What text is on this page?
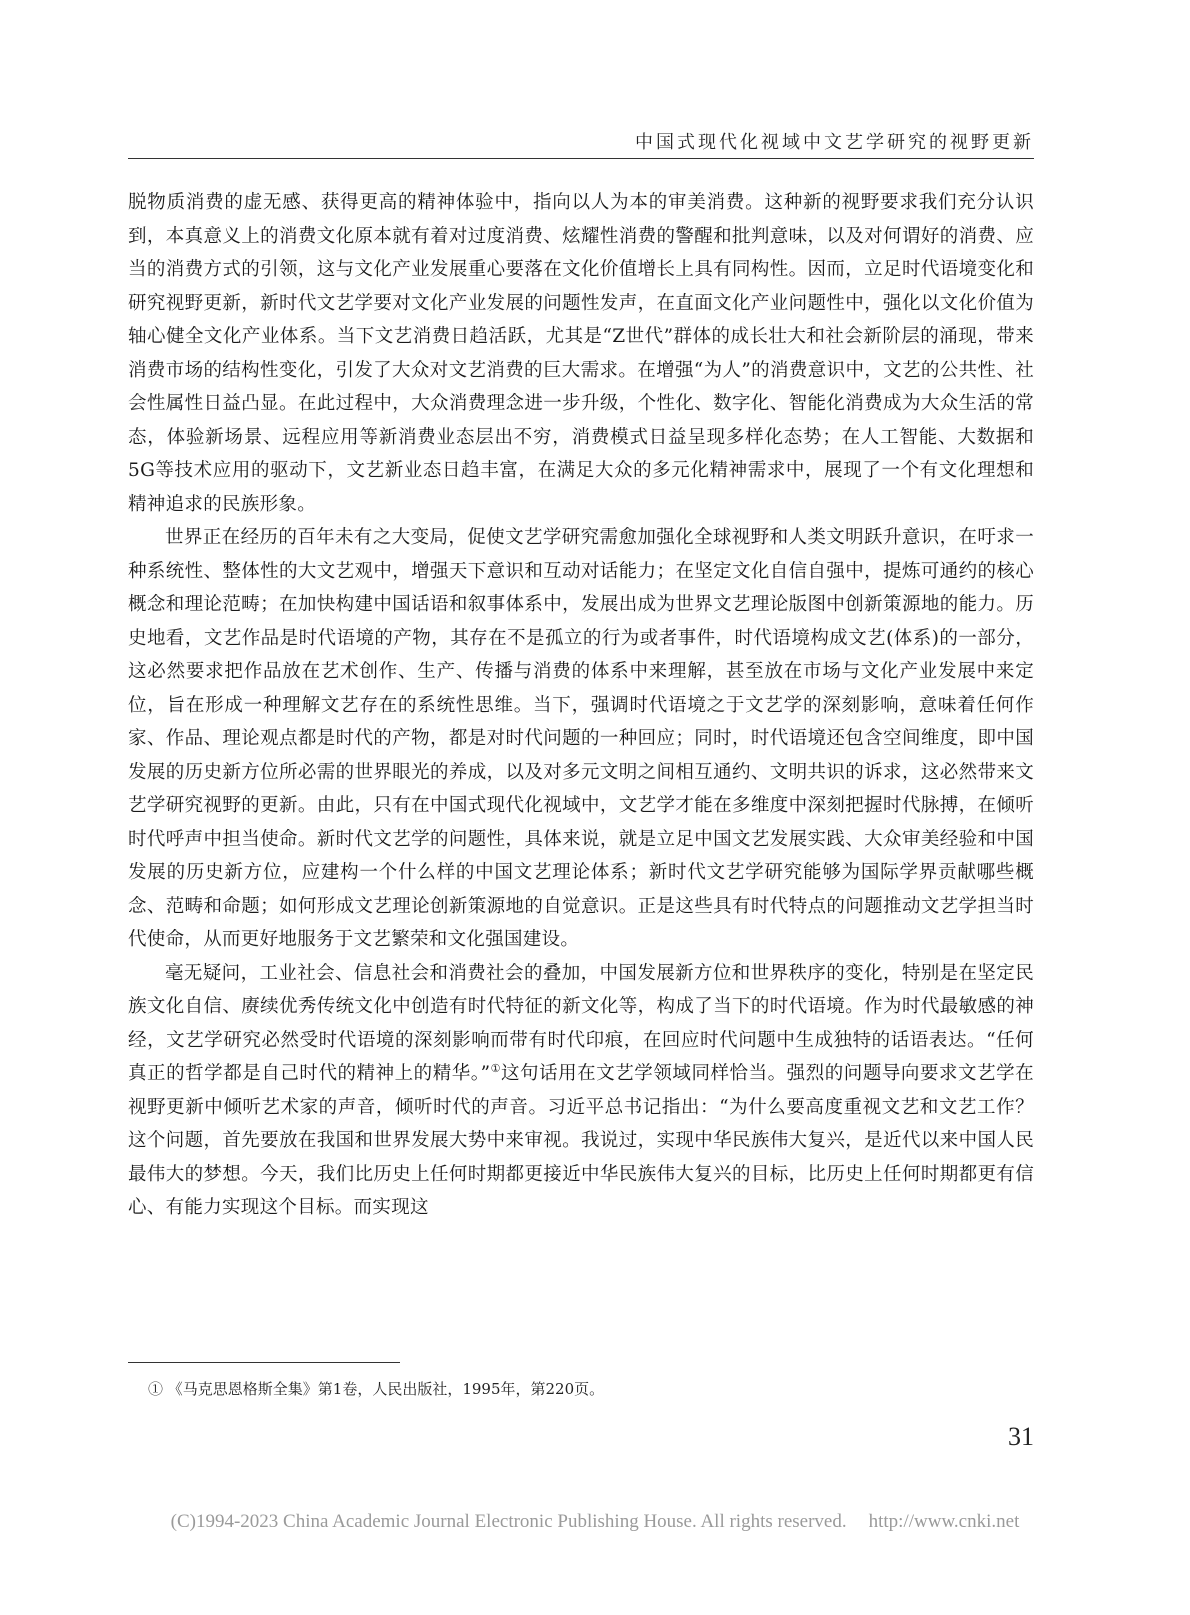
中国式现代化视域中文艺学研究的视野更新

脱物质消费的虚无感、获得更高的精神体验中，指向以人为本的审美消费。这种新的视野要求我们充分认识到，本真意义上的消费文化原本就有着对过度消费、炫耀性消费的警醒和批判意味，以及对何谓好的消费、应当的消费方式的引领，这与文化产业发展重心要落在文化价值增长上具有同构性。因而，立足时代语境变化和研究视野更新，新时代文艺学要对文化产业发展的问题性发声，在直面文化产业问题性中，强化以文化价值为轴心健全文化产业体系。当下文艺消费日趋活跃，尤其是“Z世代”群体的成长壮大和社会新阶层的涌现，带来消费市场的结构性变化，引发了大众对文艺消费的巨大需求。在增强“为人”的消费意识中，文艺的公共性、社会性属性日益凸显。在此过程中，大众消费理念进一步升级，个性化、数字化、智能化消费成为大众生活的常态，体验新场景、远程应用等新消费业态层出不穷，消费模式日益呈现多样化态势；在人工智能、大数据和5G等技术应用的驱动下，文艺新业态日趋丰富，在满足大众的多元化精神需求中，展现了一个有文化理想和精神追求的民族形象。

世界正在经历的百年未有之大变局，促使文艺学研究需愈加强化全球视野和人类文明跃升意识，在吁求一种系统性、整体性的大文艺观中，增强天下意识和互动对话能力；在坚定文化自信自强中，提炼可通约的核心概念和理论范畴；在加快构建中国话语和叙事体系中，发展出成为世界文艺理论版图中创新策源地的能力。历史地看，文艺作品是时代语境的产物，其存在不是孤立的行为或者事件，时代语境构成文艺(体系)的一部分，这必然要求把作品放在艺术创作、生产、传播与消费的体系中来理解，甚至放在市场与文化产业发展中来定位，旨在形成一种理解文艺存在的系统性思维。当下，强调时代语境之于文艺学的深刻影响，意味着任何作家、作品、理论观点都是时代的产物，都是对时代问题的一种回应；同时，时代语境还包含空间维度，即中国发展的历史新方位所必需的世界眼光的养成，以及对多元文明之间相互通约、文明共识的诉求，这必然带来文艺学研究视野的更新。由此，只有在中国式现代化视域中，文艺学才能在多维度中深刻把握时代脉搏，在倾听时代呼声中担当使命。新时代文艺学的问题性，具体来说，就是立足中国文艺发展实践、大众审美经验和中国发展的历史新方位，应建构一个什么样的中国文艺理论体系；新时代文艺学研究能够为国际学界贡献哪些概念、范畴和命题；如何形成文艺理论创新策源地的自觉意识。正是这些具有时代特点的问题推动文艺学担当时代使命，从而更好地服务于文艺繁荣和文化强国建设。

毫无疑问，工业社会、信息社会和消费社会的叠加，中国发展新方位和世界秩序的变化，特别是在坚定民族文化自信、赓续优秀传统文化中创造有时代特征的新文化等，构成了当下的时代语境。作为时代最敏感的神经，文艺学研究必然受时代语境的深刻影响而带有时代印痕，在回应时代问题中生成独特的话语表达。“任何真正的哲学都是自己时代的精神上的精华。”①这句话用在文艺学领域同样恰当。强烈的问题导向要求文艺学在视野更新中倾听艺术家的声音，倾听时代的声音。习近平总书记指出：“为什么要高度重视文艺和文艺工作？这个问题，首先要放在我国和世界发展大势中来审视。我说过，实现中华民族伟大复兴，是近代以来中国人民最伟大的梦想。今天，我们比历史上任何时期都更接近中华民族伟大复兴的目标，比历史上任何时期都更有信心、有能力实现这个目标。而实现这

① 《马克思恩格斯全集》第1卷，人民出版社，1995年，第220页。
31
(C)1994-2023 China Academic Journal Electronic Publishing House. All rights reserved. http://www.cnki.net
